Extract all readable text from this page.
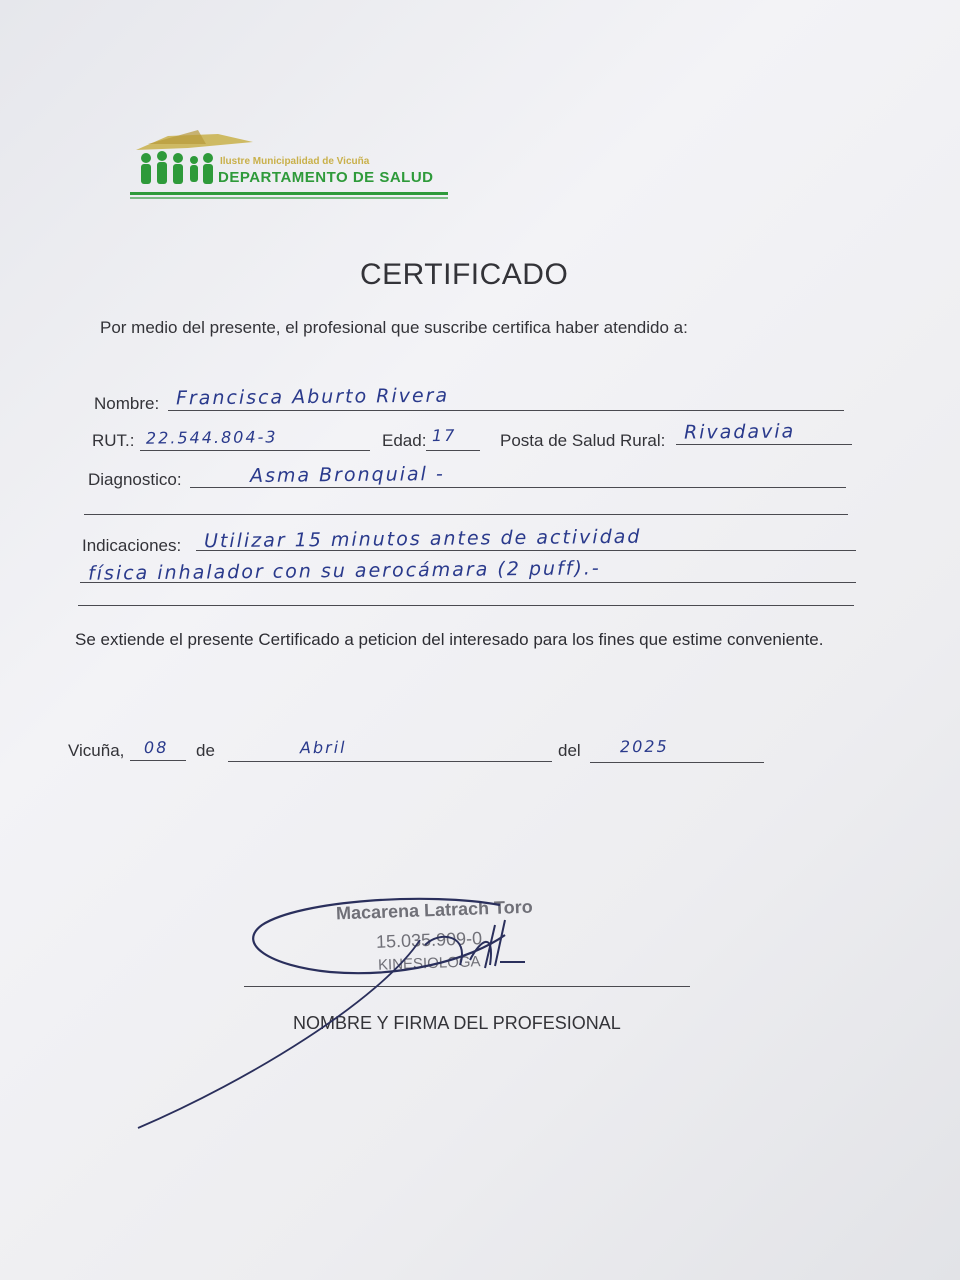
Ilustre Municipalidad de Vicuña
DEPARTAMENTO DE SALUD
CERTIFICADO
Por medio del presente, el profesional que suscribe certifica haber atendido a:
Nombre: Francisca Aburto Rivera
RUT.: 22.544.804-3	Edad: 17	Posta de Salud Rural: Rivadavia
Diagnostico:	Asma Bronquial -
Indicaciones: Utilizar 15 minutos antes de actividad
física inhalador con su aerocámara (2 puff).-
Se extiende el presente Certificado a peticion del interesado para los fines que estime conveniente.
Vicuña, 08 de	Abril	del 2025
Macarena Latrach Toro
15.035.909-0
KINESIOLOGA
NOMBRE Y FIRMA DEL PROFESIONAL
